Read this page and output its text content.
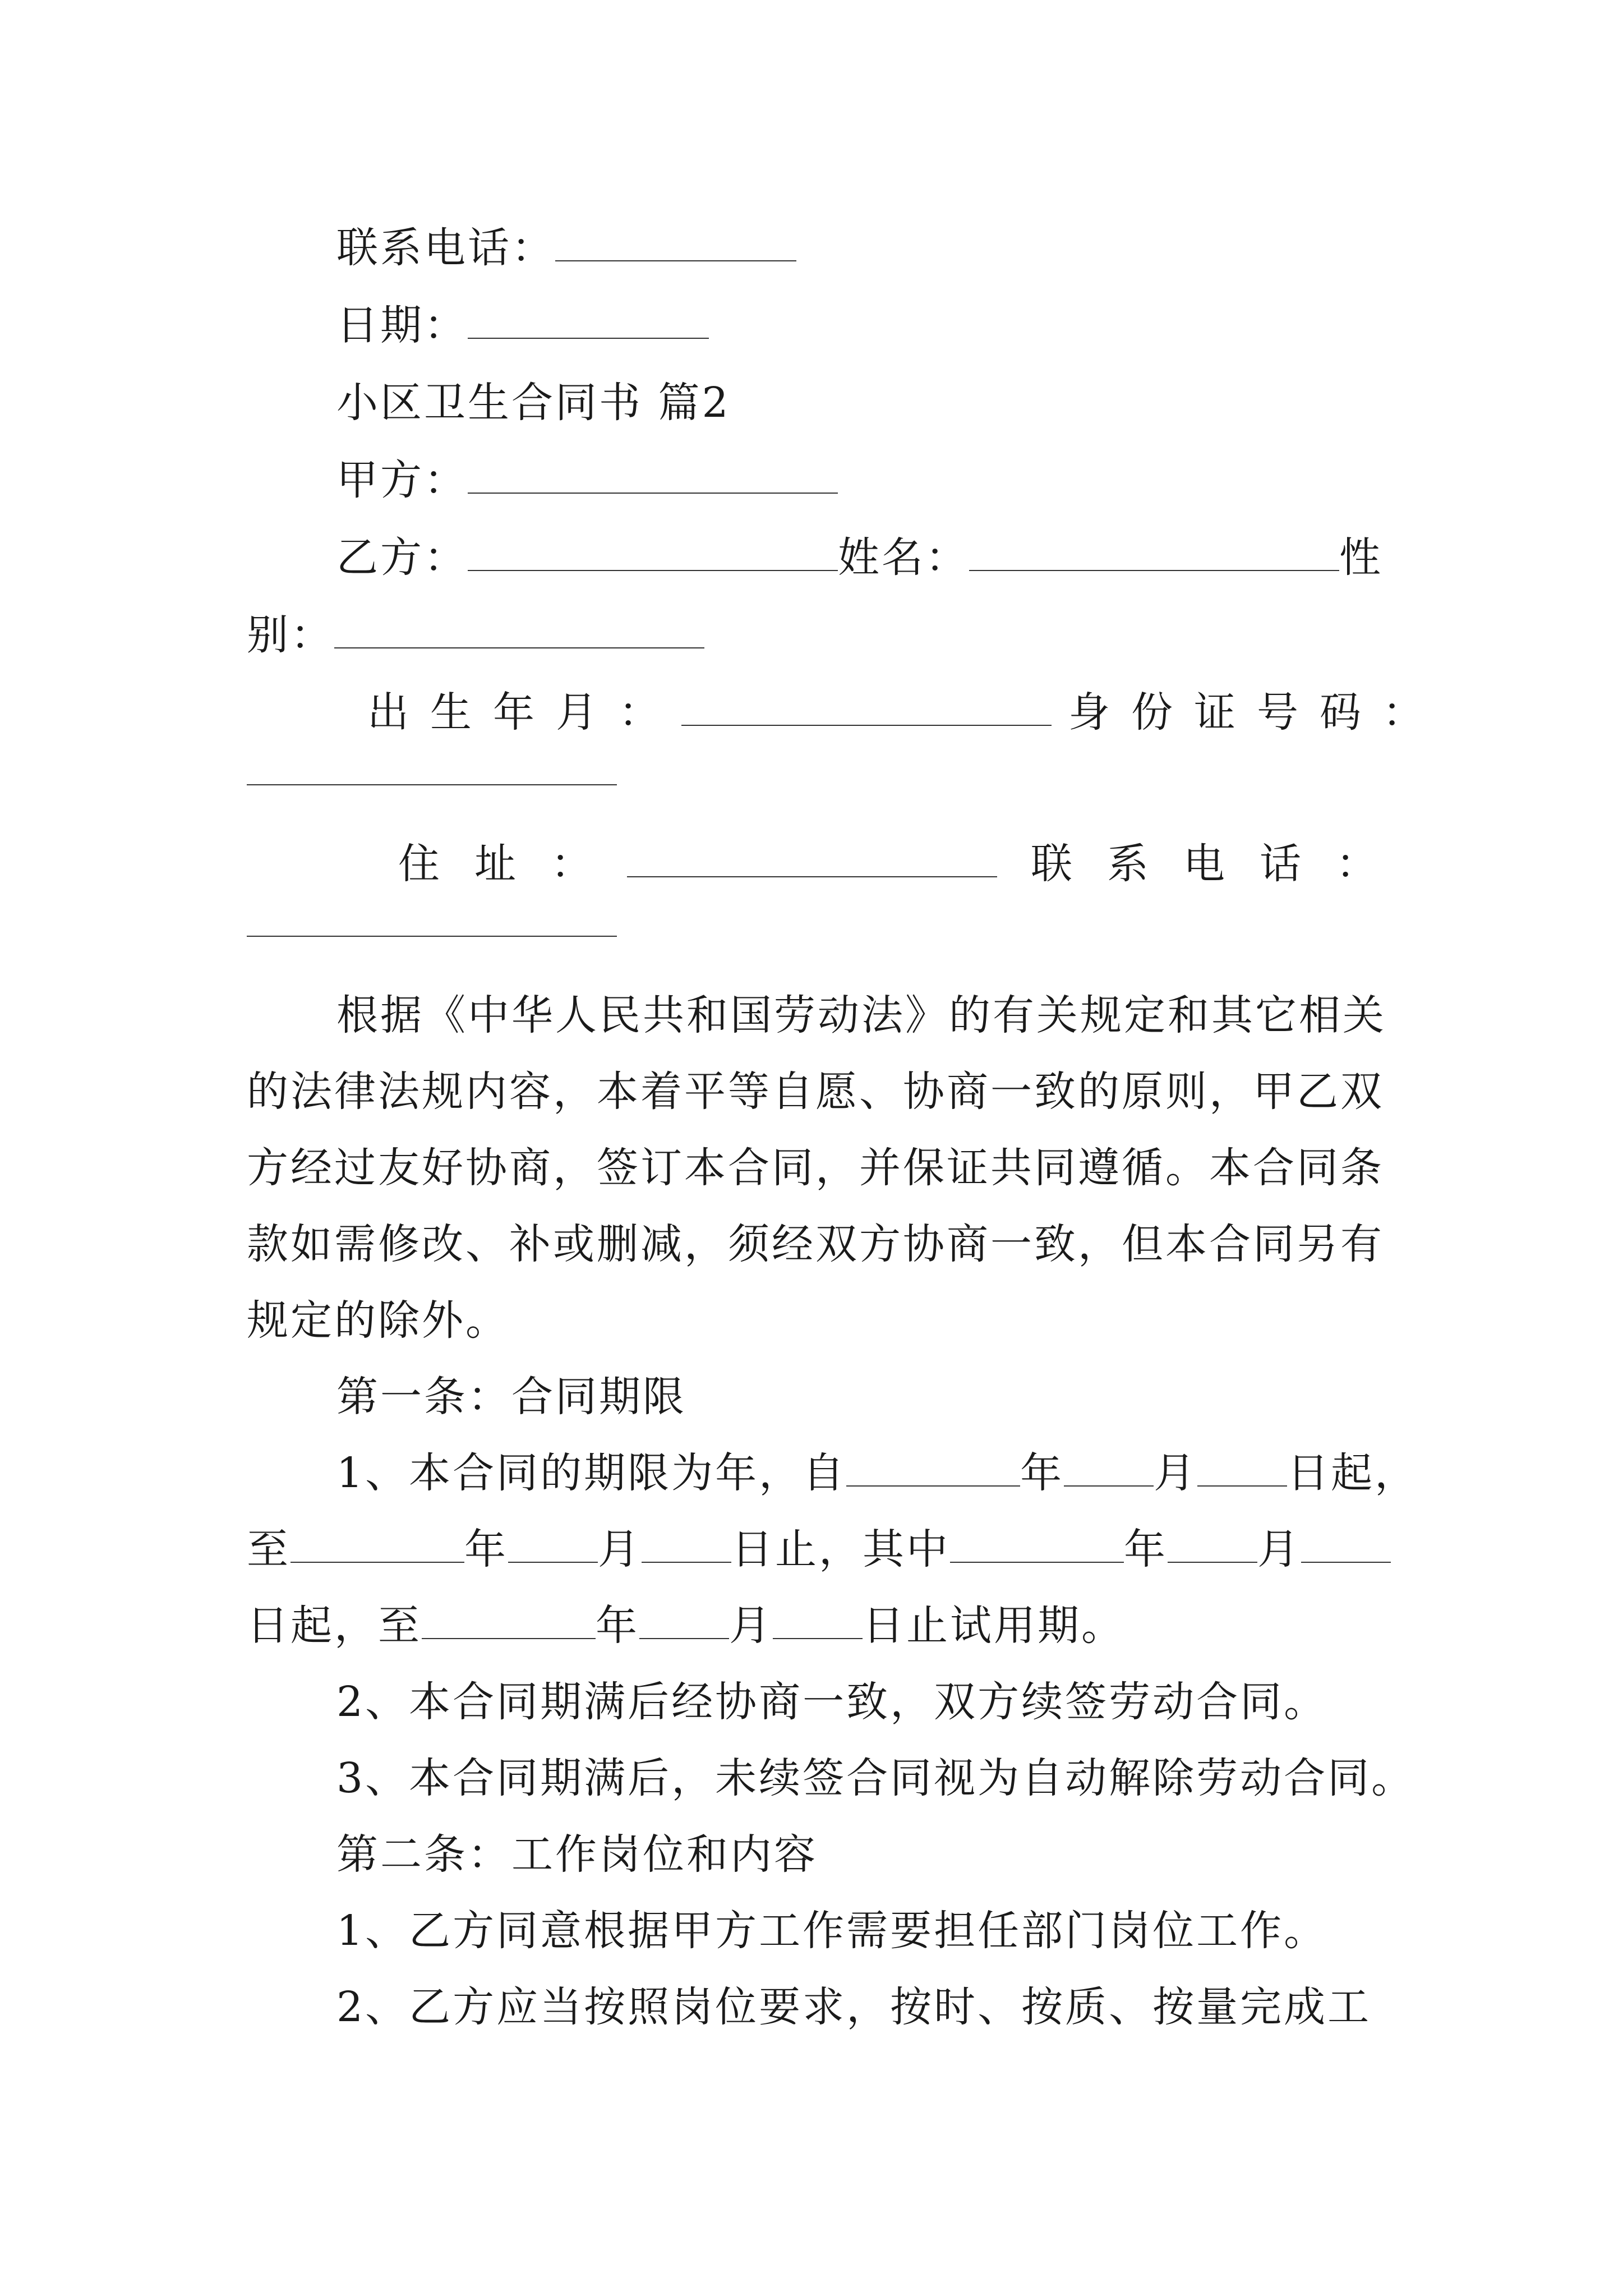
联系电话：
日期：
小区卫生合同书 篇2
甲方：
乙方：	姓名：	性
别：
出生年月：	身份证号码：
住址：	联系电话：
根据《中华人民共和国劳动法》的有关规定和其它相关
的法律法规内容，本着平等自愿、协商一致的原则，甲乙双
方经过友好协商，签订本合同，并保证共同遵循。本合同条
款如需修改、补或删减，须经双方协商一致，但本合同另有
规定的除外。
第一条：合同期限
1、本合同的期限为年，自	年 月 日起，
至	年 月 日止，其中	年 月
日起，至	年 月 日止试用期。
2、本合同期满后经协商一致，双方续签劳动合同。
3、本合同期满后，未续签合同视为自动解除劳动合同。
第二条：工作岗位和内容
1、乙方同意根据甲方工作需要担任部门岗位工作。
2、乙方应当按照岗位要求，按时、按质、按量完成工
